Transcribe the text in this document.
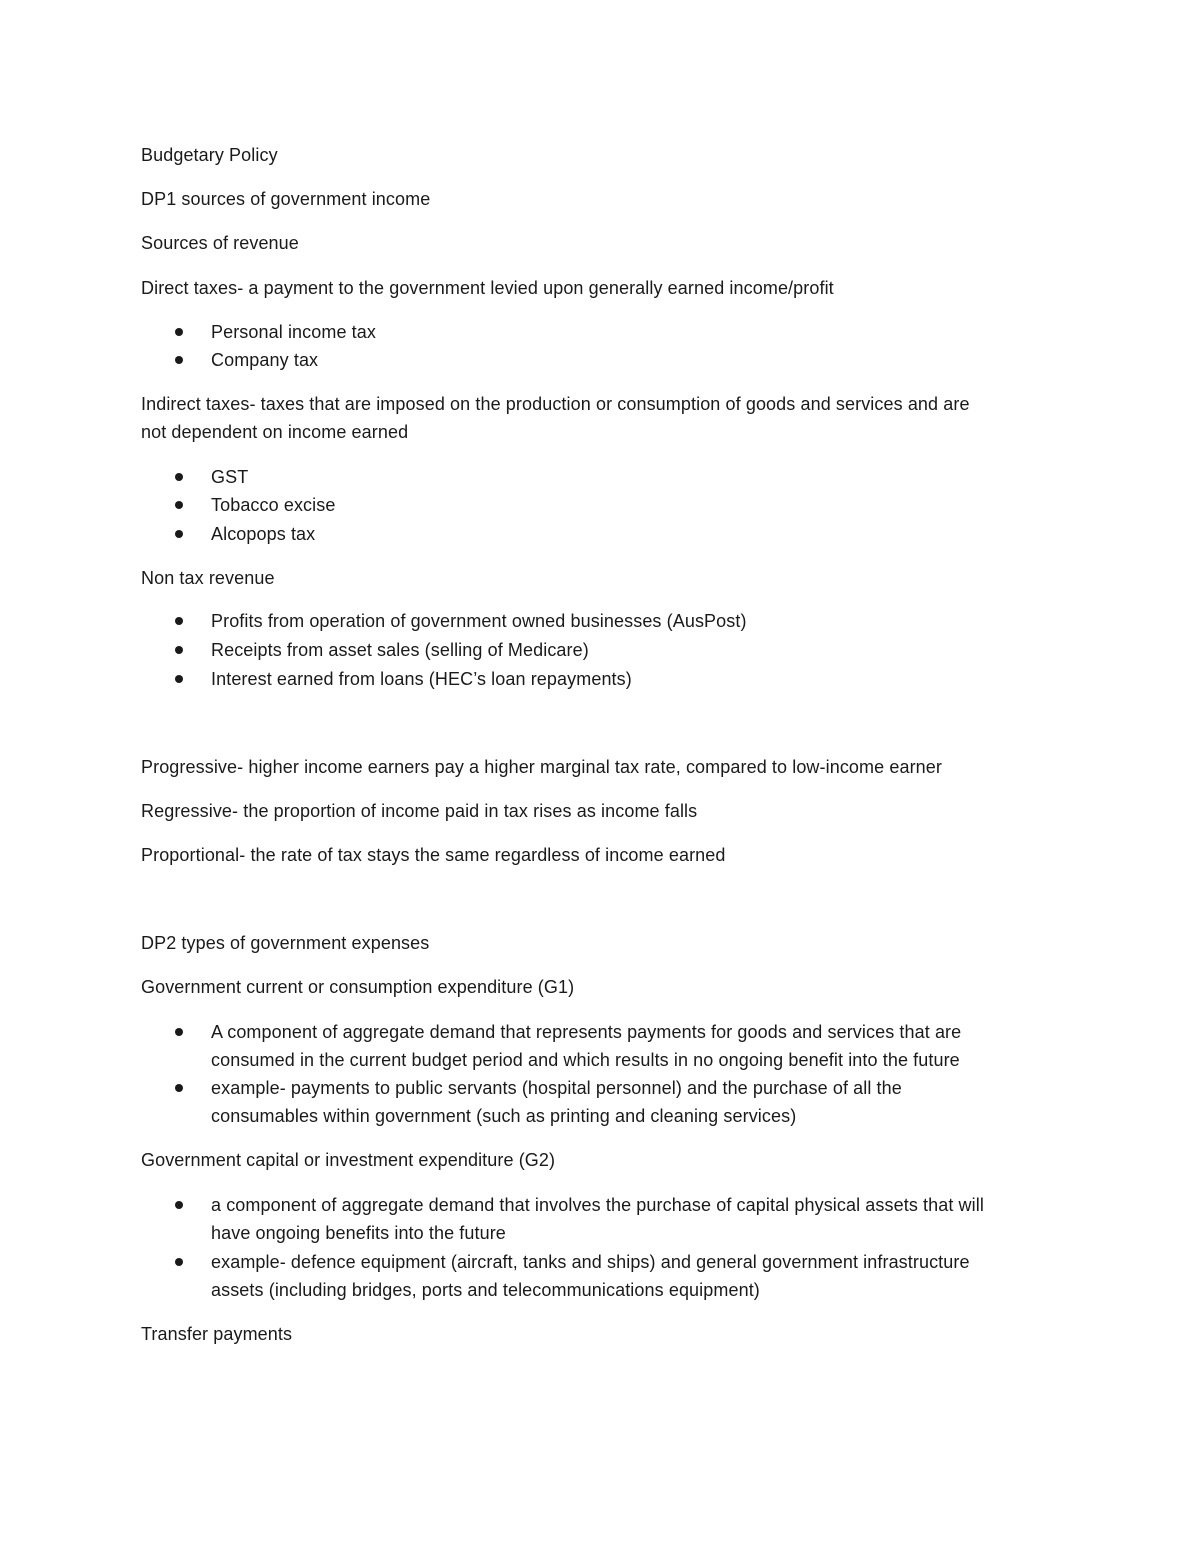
Budgetary Policy
DP1 sources of government income
Sources of revenue
Direct taxes- a payment to the government levied upon generally earned income/profit
Personal income tax
Company tax
Indirect taxes- taxes that are imposed on the production or consumption of goods and services and are
not dependent on income earned
GST
Tobacco excise
Alcopops tax
Non tax revenue
Profits from operation of government owned businesses (AusPost)
Receipts from asset sales (selling of Medicare)
Interest earned from loans (HEC’s loan repayments)
Progressive- higher income earners pay a higher marginal tax rate, compared to low-income earner
Regressive- the proportion of income paid in tax rises as income falls
Proportional- the rate of tax stays the same regardless of income earned
DP2 types of government expenses
Government current or consumption expenditure (G1)
A component of aggregate demand that represents payments for goods and services that are
consumed in the current budget period and which results in no ongoing benefit into the future
example- payments to public servants (hospital personnel) and the purchase of all the
consumables within government (such as printing and cleaning services)
Government capital or investment expenditure (G2)
a component of aggregate demand that involves the purchase of capital physical assets that will
have ongoing benefits into the future
example- defence equipment (aircraft, tanks and ships) and general government infrastructure
assets (including bridges, ports and telecommunications equipment)
Transfer payments
